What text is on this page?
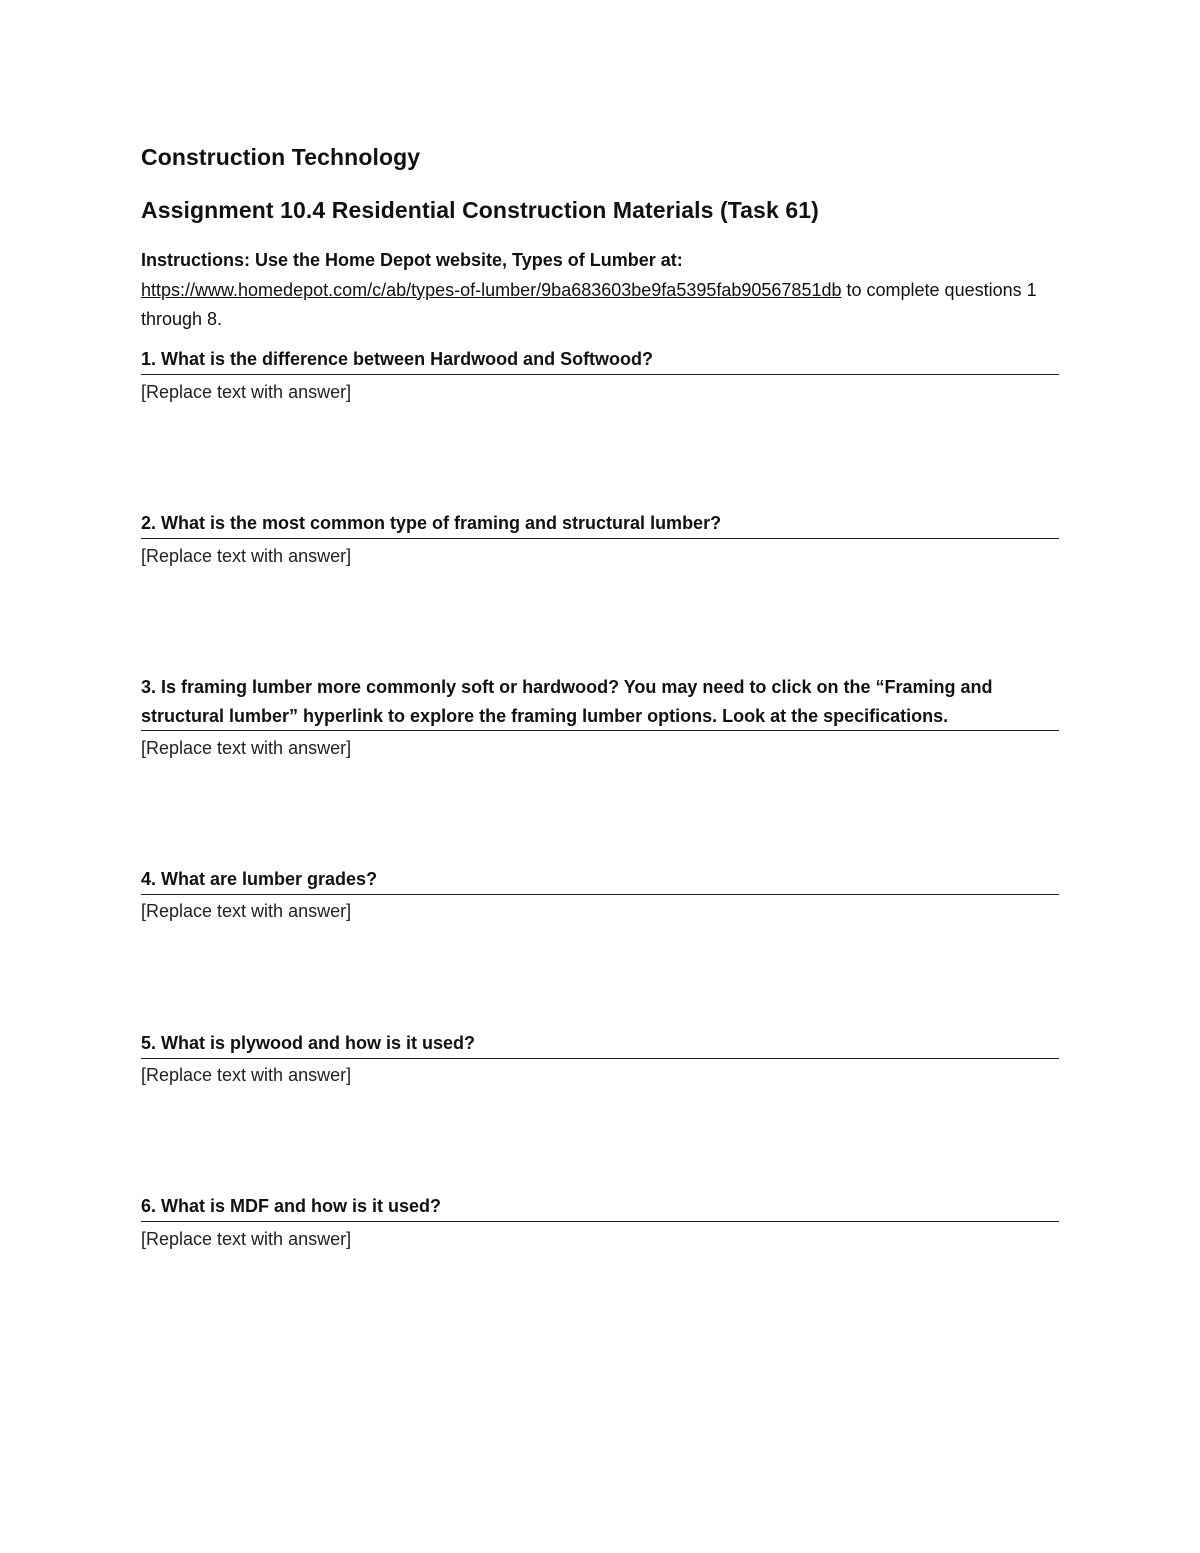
Construction Technology
Assignment 10.4 Residential Construction Materials (Task 61)
Instructions: Use the Home Depot website, Types of Lumber at:
https://www.homedepot.com/c/ab/types-of-lumber/9ba683603be9fa5395fab90567851db to complete questions 1 through 8.
1. What is the difference between Hardwood and Softwood?
[Replace text with answer]
2. What is the most common type of framing and structural lumber?
[Replace text with answer]
3. Is framing lumber more commonly soft or hardwood? You may need to click on the “Framing and structural lumber” hyperlink to explore the framing lumber options. Look at the specifications.
[Replace text with answer]
4. What are lumber grades?
[Replace text with answer]
5. What is plywood and how is it used?
[Replace text with answer]
6. What is MDF and how is it used?
[Replace text with answer]
